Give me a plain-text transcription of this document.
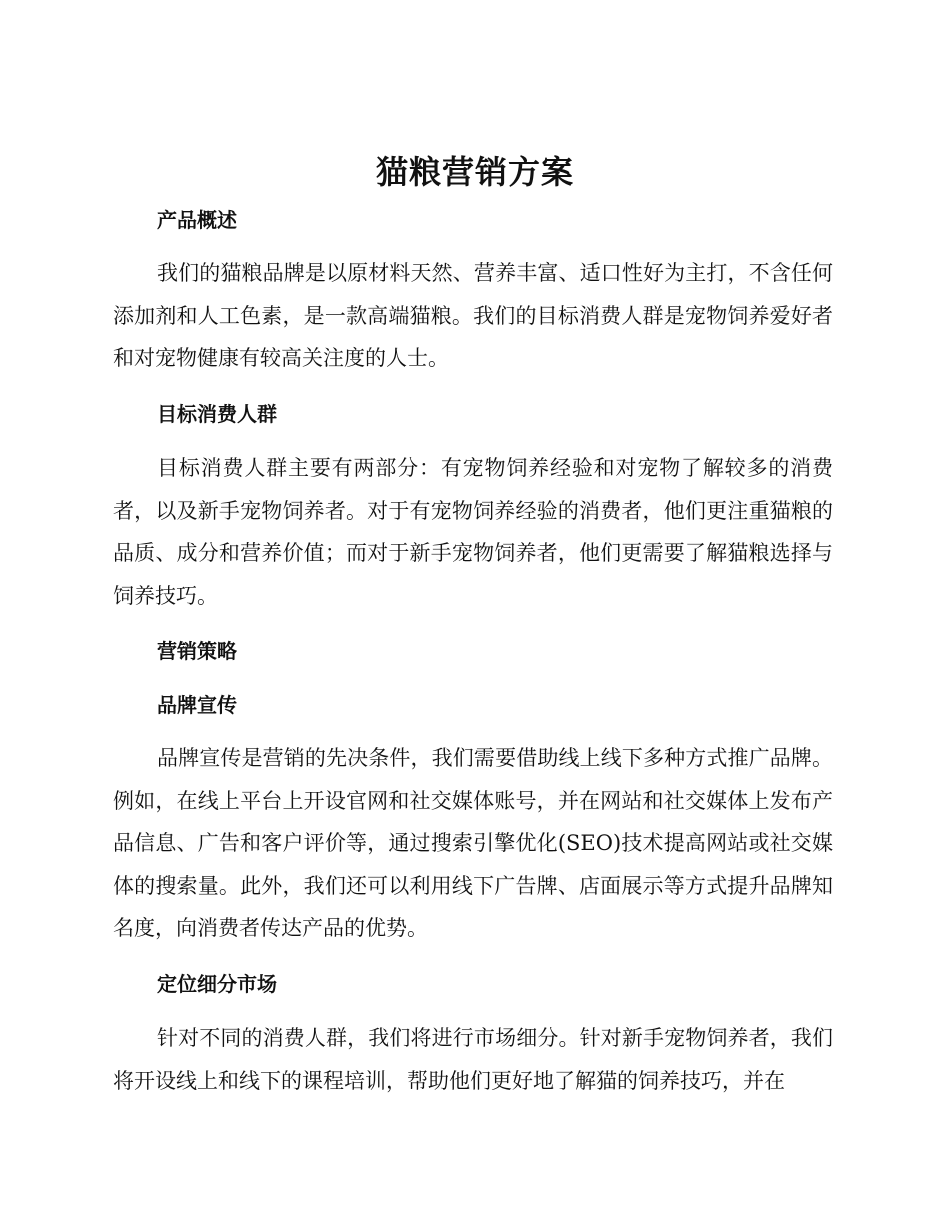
猫粮营销方案
产品概述
我们的猫粮品牌是以原材料天然、营养丰富、适口性好为主打，不含任何添加剂和人工色素，是一款高端猫粮。我们的目标消费人群是宠物饲养爱好者和对宠物健康有较高关注度的人士。
目标消费人群
目标消费人群主要有两部分：有宠物饲养经验和对宠物了解较多的消费者，以及新手宠物饲养者。对于有宠物饲养经验的消费者，他们更注重猫粮的品质、成分和营养价值；而对于新手宠物饲养者，他们更需要了解猫粮选择与饲养技巧。
营销策略
品牌宣传
品牌宣传是营销的先决条件，我们需要借助线上线下多种方式推广品牌。例如，在线上平台上开设官网和社交媒体账号，并在网站和社交媒体上发布产品信息、广告和客户评价等，通过搜索引擎优化(SEO)技术提高网站或社交媒体的搜索量。此外，我们还可以利用线下广告牌、店面展示等方式提升品牌知名度，向消费者传达产品的优势。
定位细分市场
针对不同的消费人群，我们将进行市场细分。针对新手宠物饲养者，我们将开设线上和线下的课程培训，帮助他们更好地了解猫的饲养技巧，并在
